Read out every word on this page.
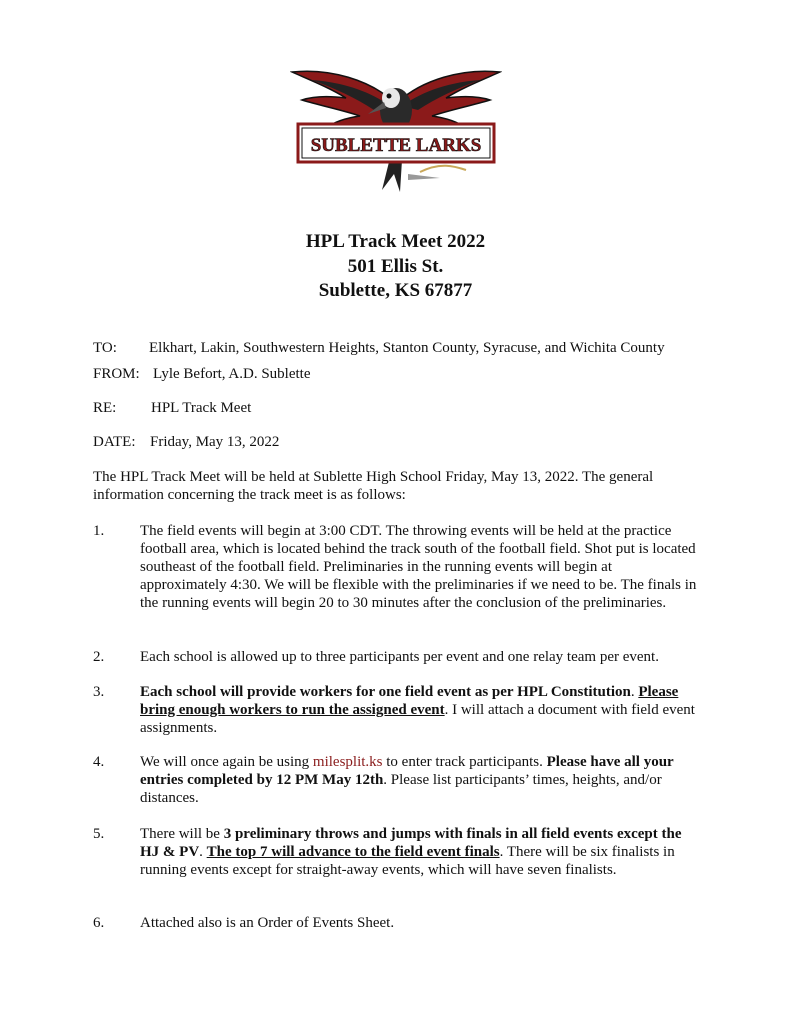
SUBLETTE LARKS
HPL Track Meet 2022
501 Ellis St.
Sublette, KS 67877
TO: Elkhart, Lakin, Southwestern Heights, Stanton County, Syracuse, and Wichita County
FROM: Lyle Befort, A.D. Sublette
RE: HPL Track Meet
DATE: Friday, May 13, 2022
The HPL Track Meet will be held at Sublette High School Friday, May 13, 2022. The general information concerning the track meet is as follows:
1.	The field events will begin at 3:00 CDT. The throwing events will be held at the practice football area, which is located behind the track south of the football field. Shot put is located southeast of the football field. Preliminaries in the running events will begin at approximately 4:30. We will be flexible with the preliminaries if we need to be. The finals in the running events will begin 20 to 30 minutes after the conclusion of the preliminaries.
2.	Each school is allowed up to three participants per event and one relay team per event.
3.	Each school will provide workers for one field event as per HPL Constitution. Please bring enough workers to run the assigned event. I will attach a document with field event assignments.
4.	We will once again be using milesplit.ks to enter track participants. Please have all your entries completed by 12 PM May 12th. Please list participants’ times, heights, and/or distances.
5.	There will be 3 preliminary throws and jumps with finals in all field events except the HJ & PV. The top 7 will advance to the field event finals. There will be six finalists in running events except for straight-away events, which will have seven finalists.
6.	Attached also is an Order of Events Sheet.
